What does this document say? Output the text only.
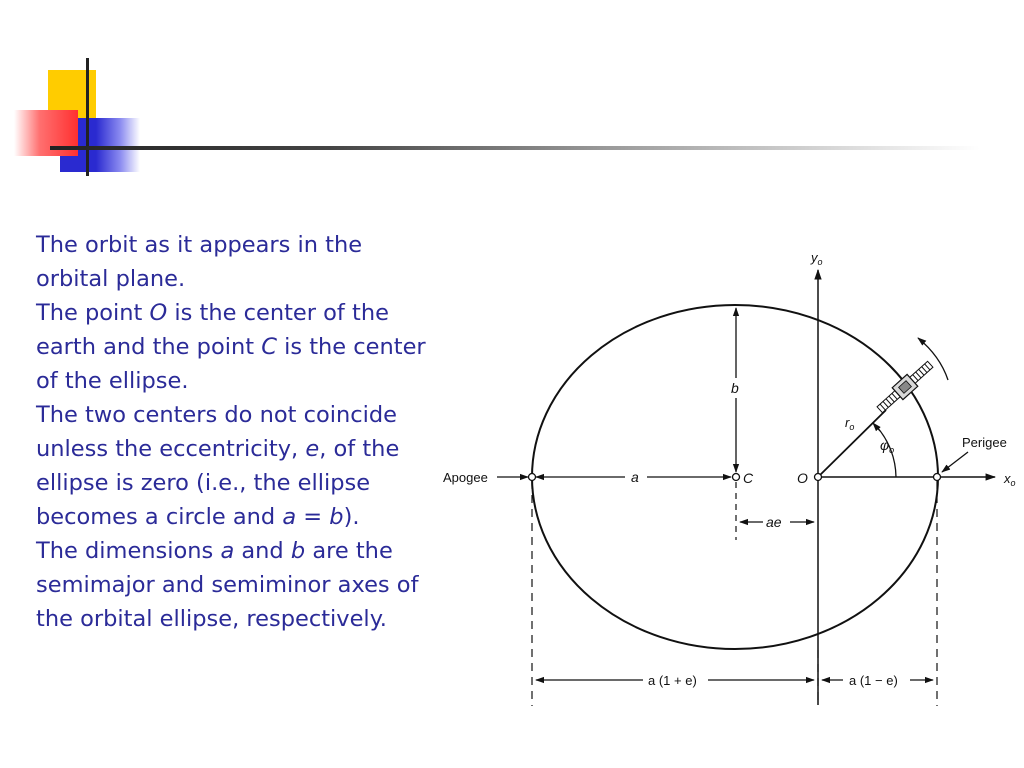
The orbit as it appears in the orbital plane.

The point O is the center of the earth and the point C is the center of the ellipse.

The two centers do not coincide unless the eccentricity, e, of the ellipse is zero (i.e., the ellipse becomes a circle and a = b).

The dimensions a and b are the semimajor and semiminor axes of the orbital ellipse, respectively.

$y_o$
$x_o$
Apogee	a
b
C	O
$r_o$
$\varphi_o$	Perigee
ae
a (1 + e)	a (1 − e)
